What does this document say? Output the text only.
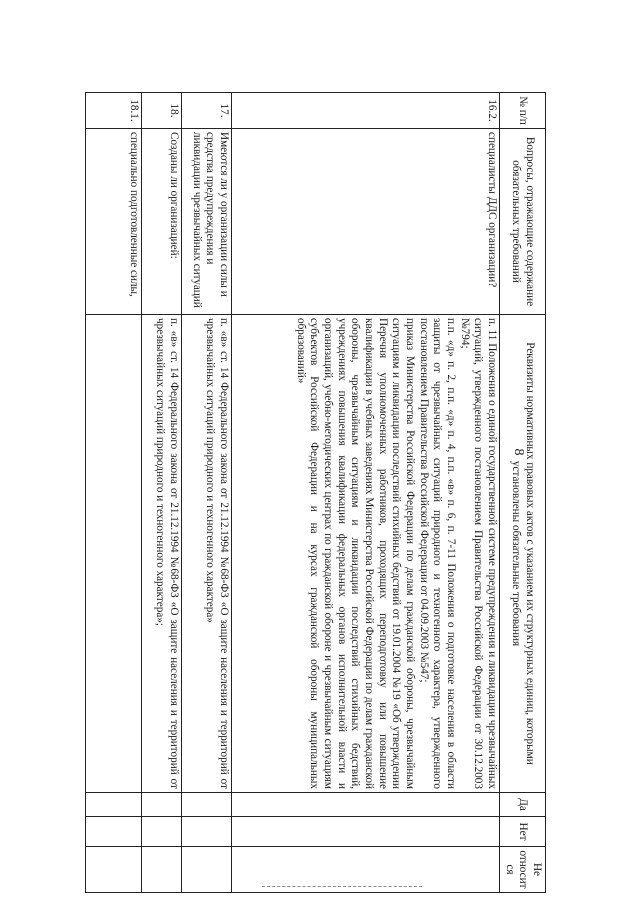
8
№ п/п	Вопросы, отражающие содержание обязательных требований	Реквизиты нормативных правовых актов с указанием их структурных единиц, которыми установлены обязательные требования	Да	Нет	Не относит ся
16.2.	специалисты ДДС организации?	п. 11 Положения о единой государственной системе предупреждения и ликвидации чрезвычайных ситуаций, утвержденного постановлением Правительства Российской Федерации от 30.12.2003 №794;
п.п. «д» п. 2, п.п. «д» п. 4, п.п. «в» п. 6, п. 7-11 Положения о подготовке населения в области защиты от чрезвычайных ситуаций природного и техногенного характера, утвержденного постановлением Правительства Российской Федерации от 04.09.2003 №547;
приказ Министерства Российской Федерации по делам гражданской обороны, чрезвычайным ситуациям и ликвидации последствий стихийных бедствий от 19.01.2004 №19 «Об утверждении Перечня уполномоченных работников, проходящих переподготовку или повышение квалификации в учебных заведениях Министерства Российской Федерации по делам гражданской обороны, чрезвычайным ситуациям и ликвидации последствий стихийных бедствий, учреждениях повышения квалификации федеральных органов исполнительной власти и организаций, учебно-методических центрах по гражданской обороне и чрезвычайным ситуациям субъектов Российской Федерации и на курсах гражданской обороны муниципальных образований»			

17.	Имеются ли у организации силы и средства предупреждения и ликвидации чрезвычайных ситуаций	п. «в» ст. 14 Федерального закона от 21.12.1994 №68-ФЗ «О защите населения и территорий от чрезвычайных ситуаций природного и техногенного характера»			

18.	Созданы ли организацией:	п. «в» ст. 14 Федерального закона от 21.12.1994 №68-ФЗ «О защите населения и территорий от чрезвычайных ситуаций природного и техногенного характера»;			

18.1.	специально подготовленные силы,				
